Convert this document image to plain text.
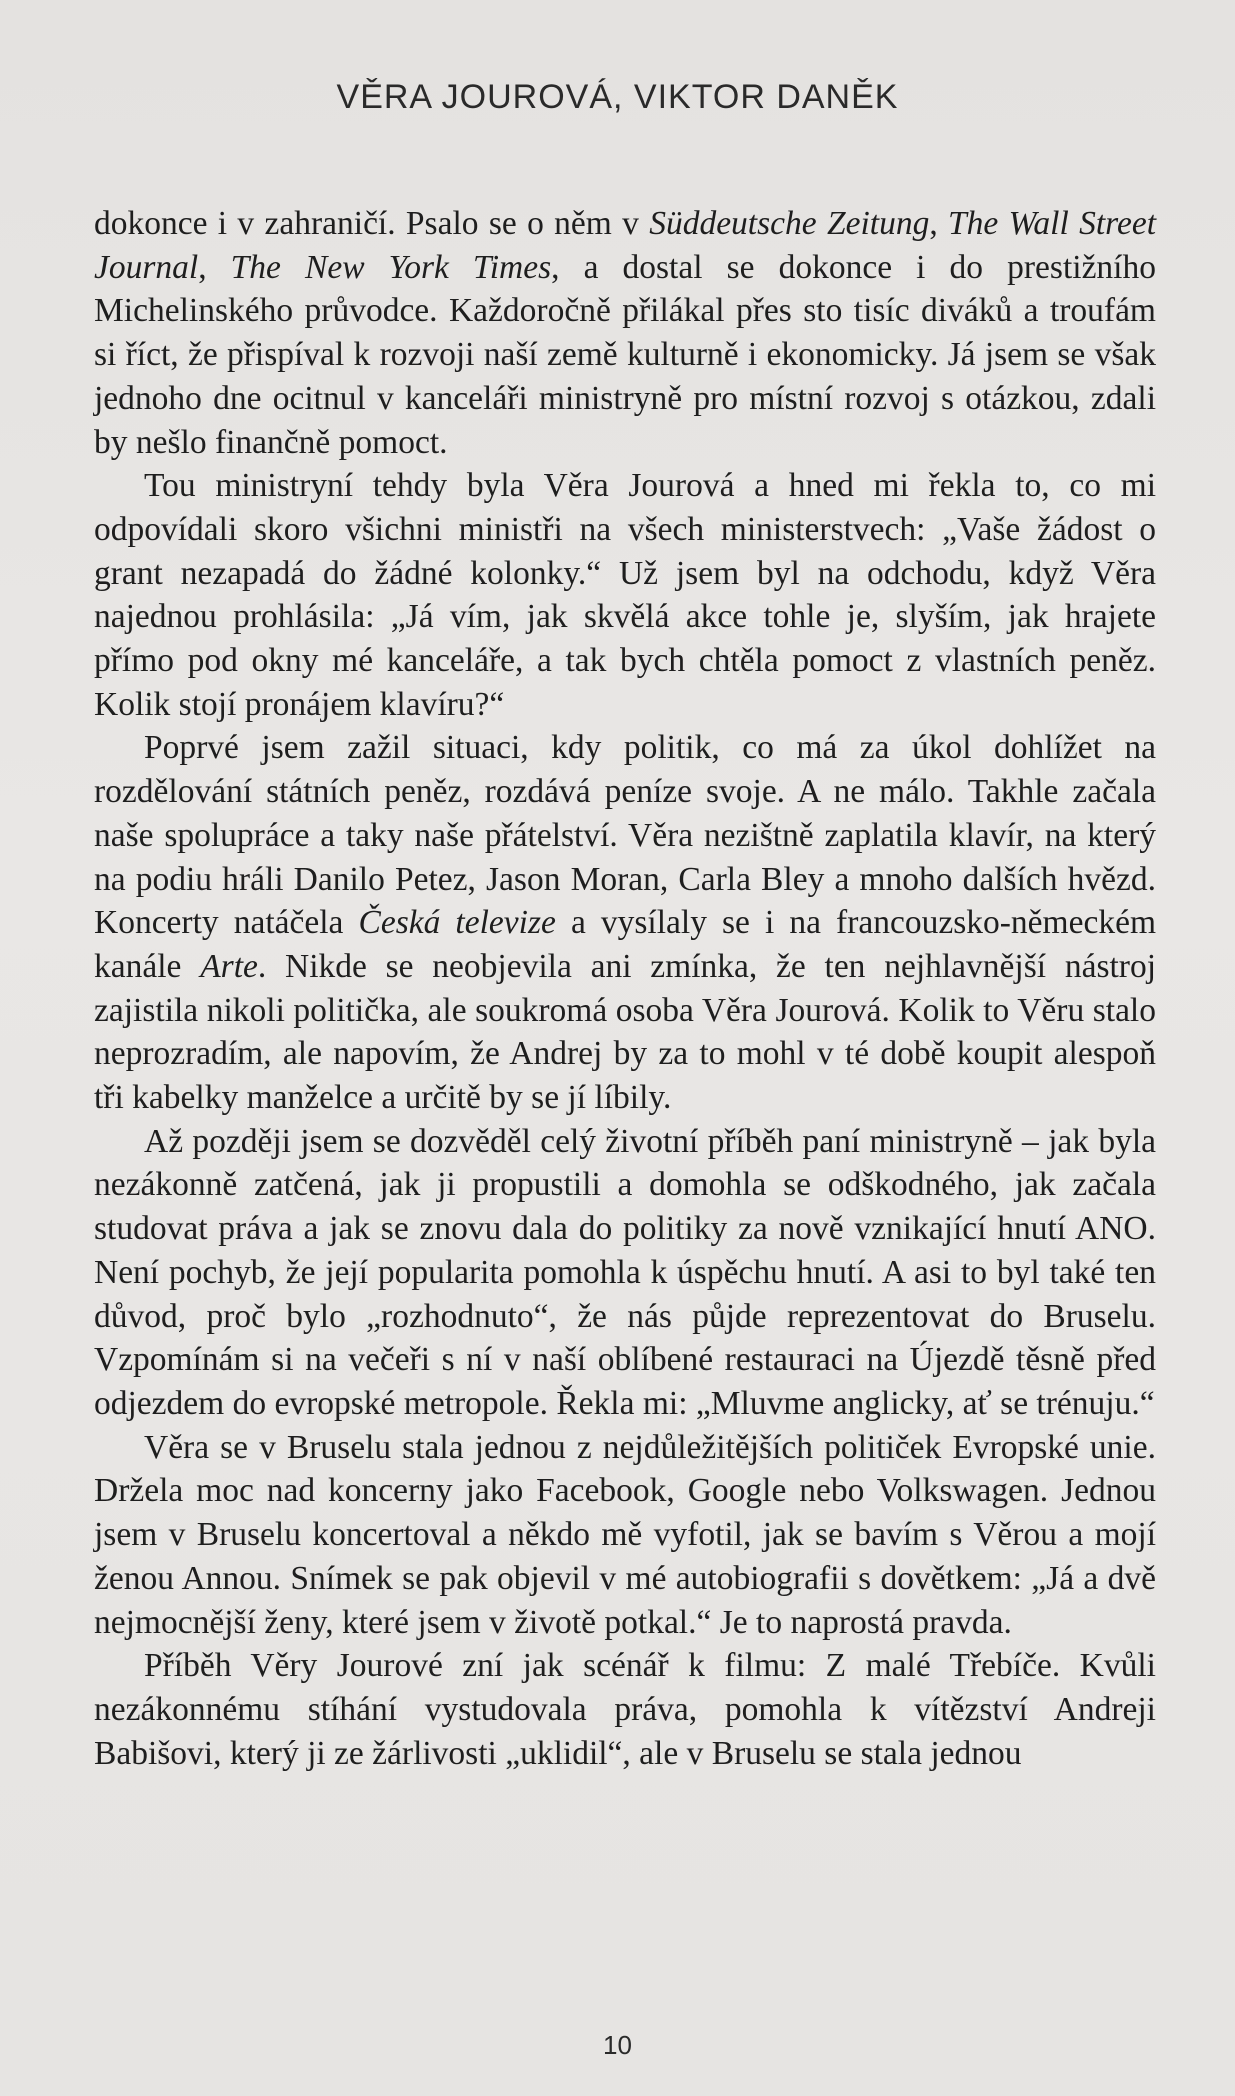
VĚRA JOUROVÁ, VIKTOR DANĚK

dokonce i v zahraničí. Psalo se o něm v Süddeutsche Zeitung, The Wall Street Journal, The New York Times, a dostal se dokonce i do prestižního Michelinského průvodce. Každoročně přilákal přes sto tisíc diváků a troufám si říct, že přispíval k rozvoji naší země kulturně i ekonomicky. Já jsem se však jednoho dne ocitnul v kanceláři ministryně pro místní rozvoj s otázkou, zdali by nešlo finančně pomoct.

Tou ministryní tehdy byla Věra Jourová a hned mi řekla to, co mi odpovídali skoro všichni ministři na všech ministerstvech: „Vaše žádost o grant nezapadá do žádné kolonky.“ Už jsem byl na odchodu, když Věra najednou prohlásila: „Já vím, jak skvělá akce tohle je, slyším, jak hrajete přímo pod okny mé kanceláře, a tak bych chtěla pomoct z vlastních peněz. Kolik stojí pronájem klavíru?“

Poprvé jsem zažil situaci, kdy politik, co má za úkol dohlížet na rozdělování státních peněz, rozdává peníze svoje. A ne málo. Takhle začala naše spolupráce a taky naše přátelství. Věra nezištně zaplatila klavír, na který na podiu hráli Danilo Petez, Jason Moran, Carla Bley a mnoho dalších hvězd. Koncerty natáčela Česká televize a vysílaly se i na francouzsko-německém kanále Arte. Nikde se neobjevila ani zmínka, že ten nejhlavnější nástroj zajistila nikoli politička, ale soukromá osoba Věra Jourová. Kolik to Věru stalo neprozradím, ale napovím, že Andrej by za to mohl v té době koupit alespoň tři kabelky manželce a určitě by se jí líbily.

Až později jsem se dozvěděl celý životní příběh paní ministryně – jak byla nezákonně zatčená, jak ji propustili a domohla se odškodného, jak začala studovat práva a jak se znovu dala do politiky za nově vznikající hnutí ANO. Není pochyb, že její popularita pomohla k úspěchu hnutí. A asi to byl také ten důvod, proč bylo „rozhodnuto“, že nás půjde reprezentovat do Bruselu. Vzpomínám si na večeři s ní v naší oblíbené restauraci na Újezdě těsně před odjezdem do evropské metropole. Řekla mi: „Mluvme anglicky, ať se trénuju.“

Věra se v Bruselu stala jednou z nejdůležitějších političek Evropské unie. Držela moc nad koncerny jako Facebook, Google nebo Volkswagen. Jednou jsem v Bruselu koncertoval a někdo mě vyfotil, jak se bavím s Věrou a mojí ženou Annou. Snímek se pak objevil v mé autobiografii s dovětkem: „Já a dvě nejmocnější ženy, které jsem v životě potkal.“ Je to naprostá pravda.

Příběh Věry Jourové zní jak scénář k filmu: Z malé Třebíče. Kvůli nezákonnému stíhání vystudovala práva, pomohla k vítězství Andreji Babišovi, který ji ze žárlivosti „uklidil“, ale v Bruselu se stala jednou

10
